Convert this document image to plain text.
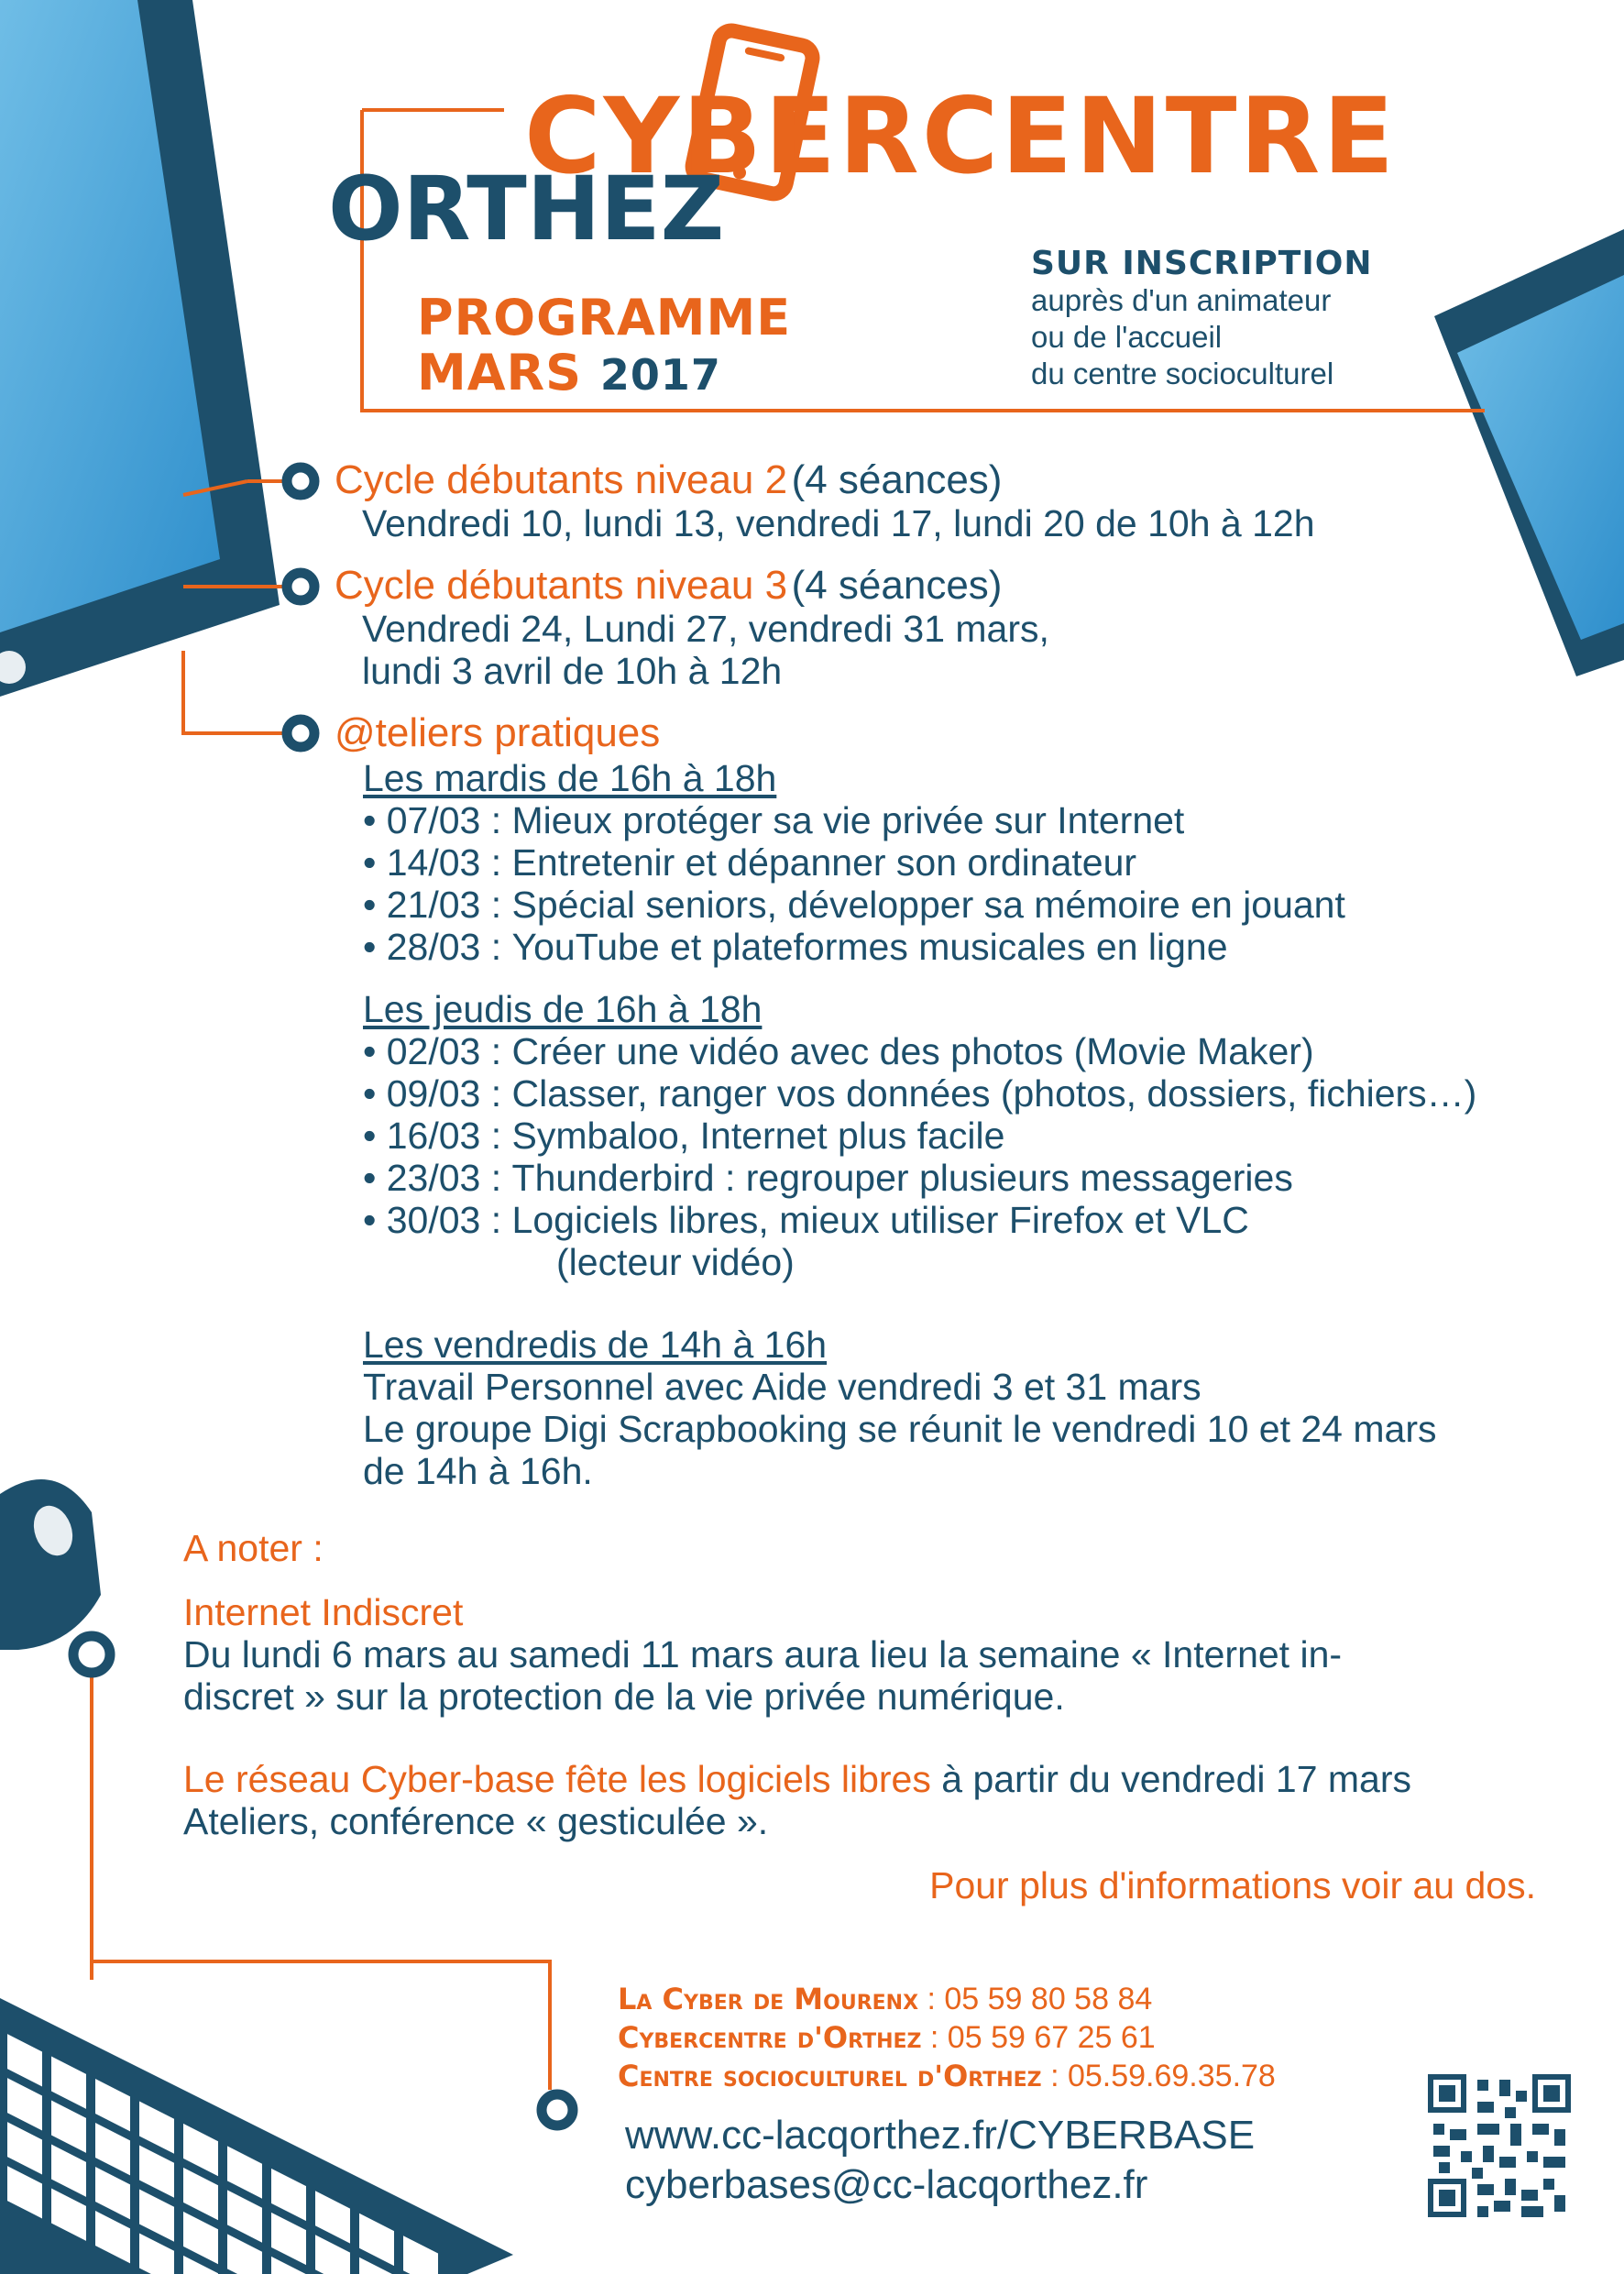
CYBERCENTRE
ORTHEZ
PROGRAMME
MARS 2017
SUR INSCRIPTION
auprès d'un animateur
ou de l'accueil
du centre socioculturel
Cycle débutants niveau 2 (4 séances)
Vendredi 10, lundi 13, vendredi 17, lundi 20 de 10h à 12h
Cycle débutants niveau 3 (4 séances)
Vendredi 24, Lundi 27, vendredi 31 mars,
lundi 3 avril de 10h à 12h
@teliers pratiques
Les mardis de 16h à 18h
• 07/03 : Mieux protéger sa vie privée sur Internet
• 14/03 : Entretenir et dépanner son ordinateur
• 21/03 : Spécial seniors, développer sa mémoire en jouant
• 28/03 : YouTube et plateformes musicales en ligne
Les jeudis de 16h à 18h
• 02/03 : Créer une vidéo avec des photos (Movie Maker)
• 09/03 : Classer, ranger vos données (photos, dossiers, fichiers…)
• 16/03 : Symbaloo, Internet plus facile
• 23/03 : Thunderbird : regrouper plusieurs messageries
• 30/03 : Logiciels libres, mieux utiliser Firefox et VLC
(lecteur vidéo)
Les vendredis de 14h à 16h
Travail Personnel avec Aide vendredi 3 et 31 mars
Le groupe Digi Scrapbooking se réunit le vendredi 10 et 24 mars
de 14h à 16h.
A noter :
Internet Indiscret
Du lundi 6 mars au samedi 11 mars aura lieu la semaine « Internet in-
discret » sur la protection de la vie privée numérique.
Le réseau Cyber-base fête les logiciels libres à partir du vendredi 17 mars
Ateliers, conférence « gesticulée ».
Pour plus d'informations voir au dos.
La Cyber de Mourenx : 05 59 80 58 84
Cybercentre d'Orthez : 05 59 67 25 61
Centre socioculturel d'Orthez : 05.59.69.35.78
www.cc-lacqorthez.fr/CYBERBASE
cyberbases@cc-lacqorthez.fr
